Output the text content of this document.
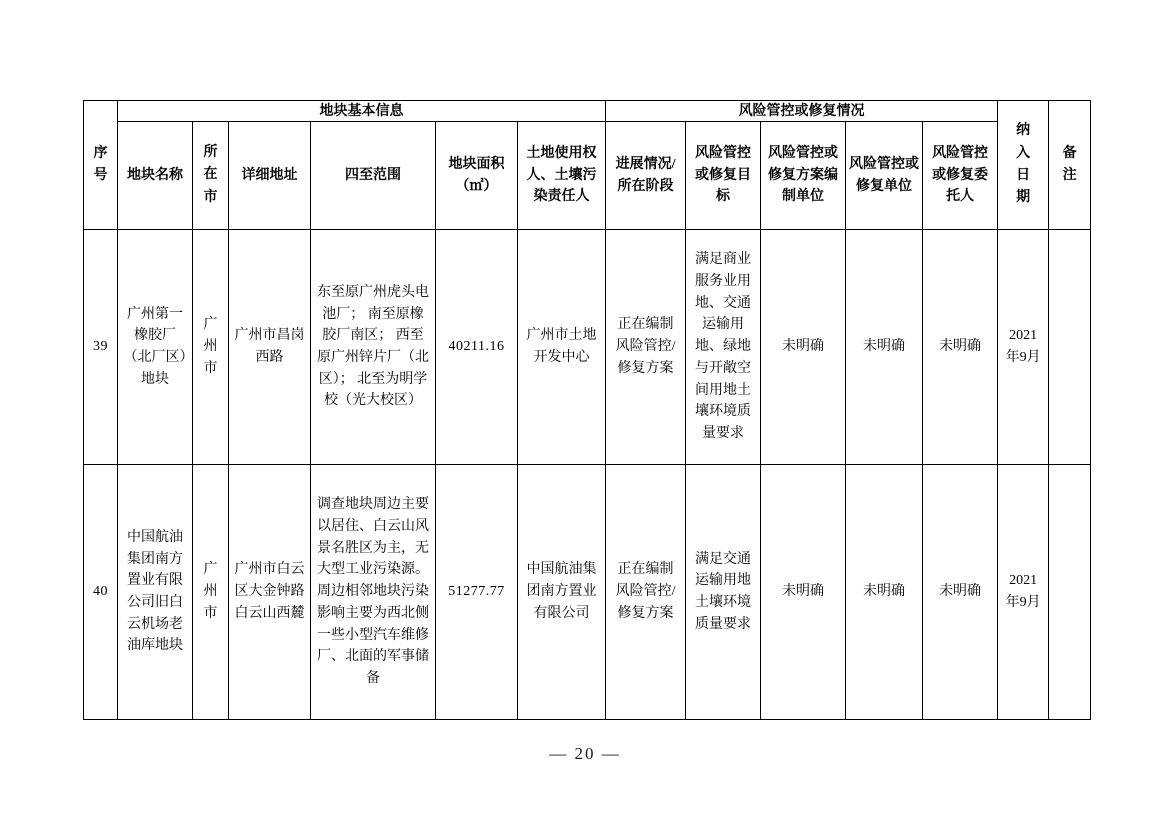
序号	地块基本信息						风险管控或修复情况					纳入日期	备注
	地块名称	所在市	详细地址	四至范围	地块面积（㎡）	土地使用权人、土壤污染责任人	进展情况/所在阶段	风险管控或修复目标	风险管控或修复方案编制单位	风险管控或修复单位	风险管控或修复委托人		
39	广州第一橡胶厂（北厂区）地块	广州市	广州市昌岗西路	东至原广州虎头电池厂； 南至原橡胶厂南区； 西至原广州锌片厂（北区）； 北至为明学校（光大校区）	40211.16	广州市土地开发中心	正在编制风险管控/修复方案	满足商业服务业用地、交通运输用地、绿地与开敞空间用地土壤环境质量要求	未明确	未明确	未明确	2021年9月	
40	中国航油集团南方置业有限公司旧白云机场老油库地块	广州市	广州市白云区大金钟路白云山西麓	调查地块周边主要以居住、白云山风景名胜区为主，无大型工业污染源。周边相邻地块污染影响主要为西北侧一些小型汽车维修厂、北面的军事储备	51277.77	中国航油集团南方置业有限公司	正在编制风险管控/修复方案	满足交通运输用地土壤环境质量要求	未明确	未明确	未明确	2021年9月	
— 20 —
